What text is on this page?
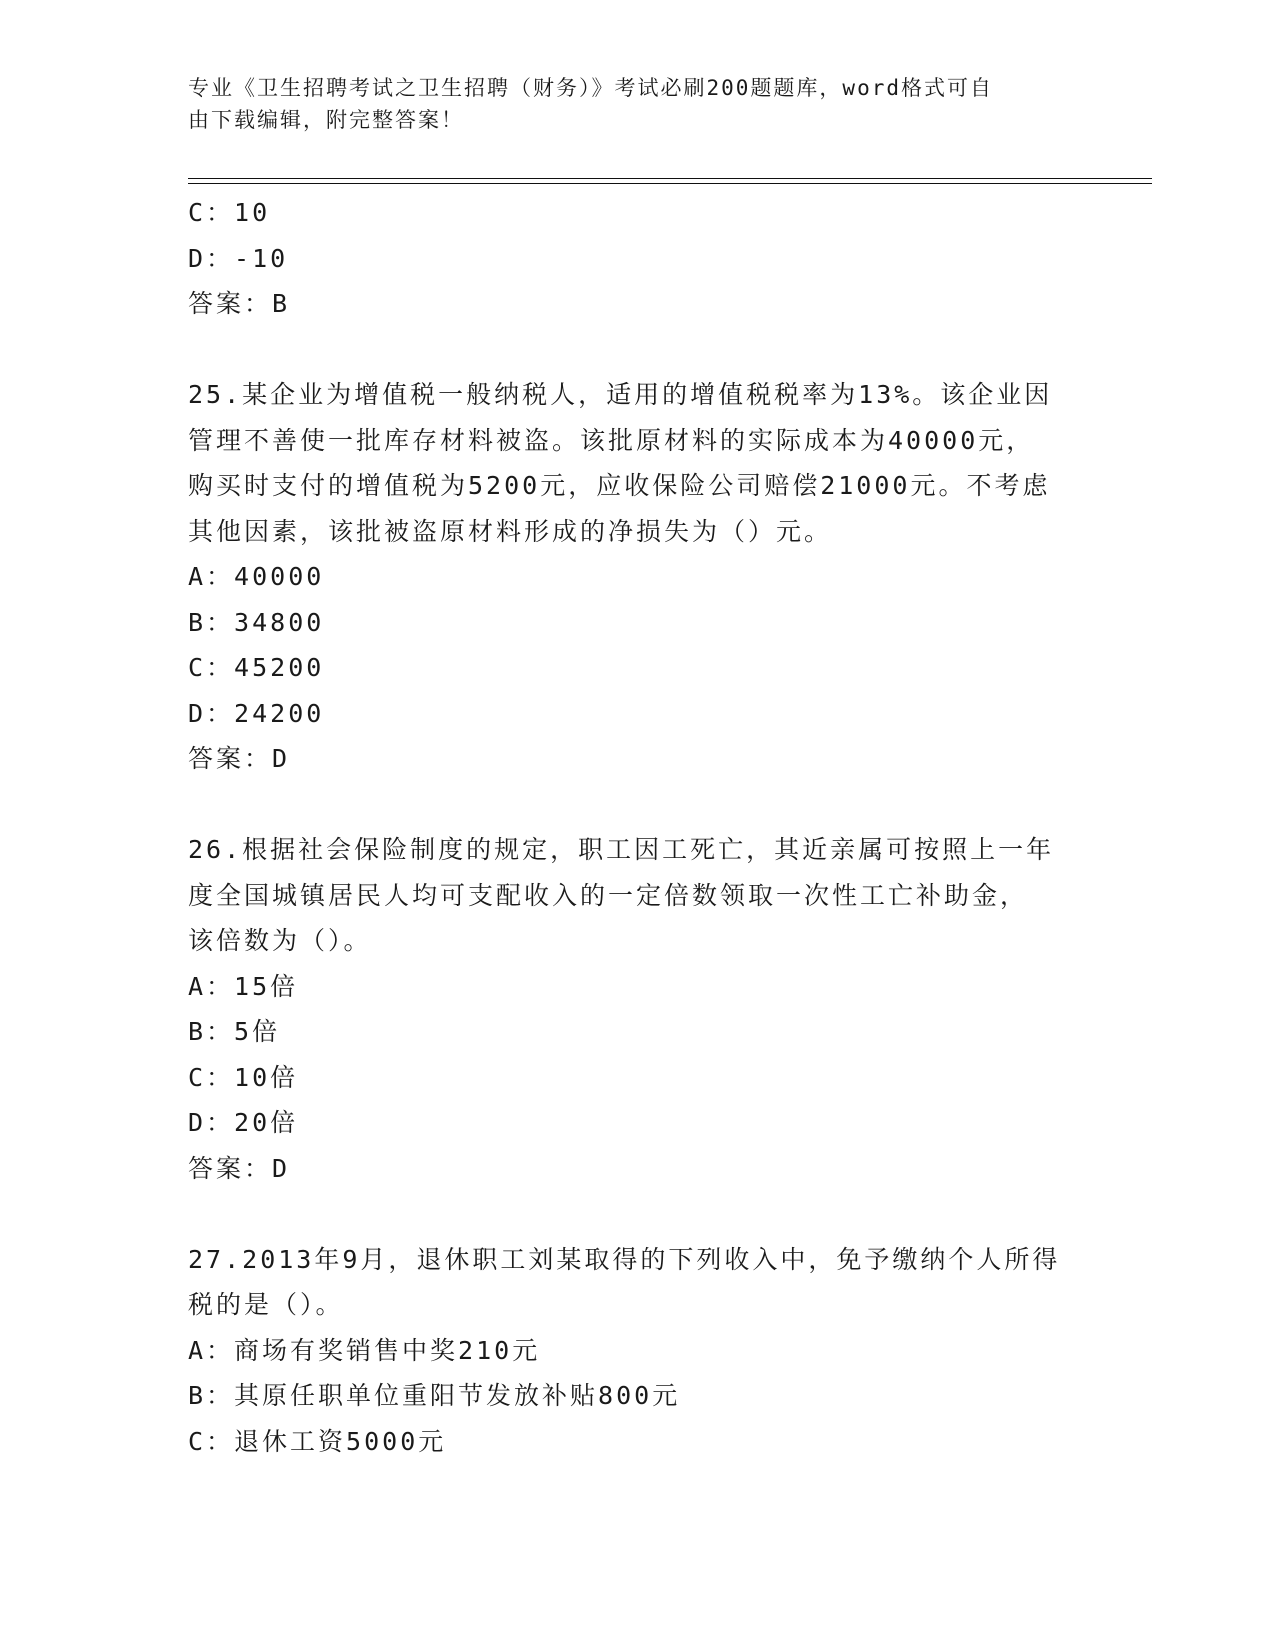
专业《卫生招聘考试之卫生招聘（财务）》考试必刷200题题库，word格式可自
由下载编辑，附完整答案！
C：10
D：-10
答案：B
25.某企业为增值税一般纳税人，适用的增值税税率为13%。该企业因
管理不善使一批库存材料被盗。该批原材料的实际成本为40000元，
购买时支付的增值税为5200元，应收保险公司赔偿21000元。不考虑
其他因素，该批被盗原材料形成的净损失为（）元。
A：40000
B：34800
C：45200
D：24200
答案：D
26.根据社会保险制度的规定，职工因工死亡，其近亲属可按照上一年
度全国城镇居民人均可支配收入的一定倍数领取一次性工亡补助金，
该倍数为（）。
A：15倍
B：5倍
C：10倍
D：20倍
答案：D
27.2013年9月，退休职工刘某取得的下列收入中，免予缴纳个人所得
税的是（）。
A：商场有奖销售中奖210元
B：其原任职单位重阳节发放补贴800元
C：退休工资5000元
